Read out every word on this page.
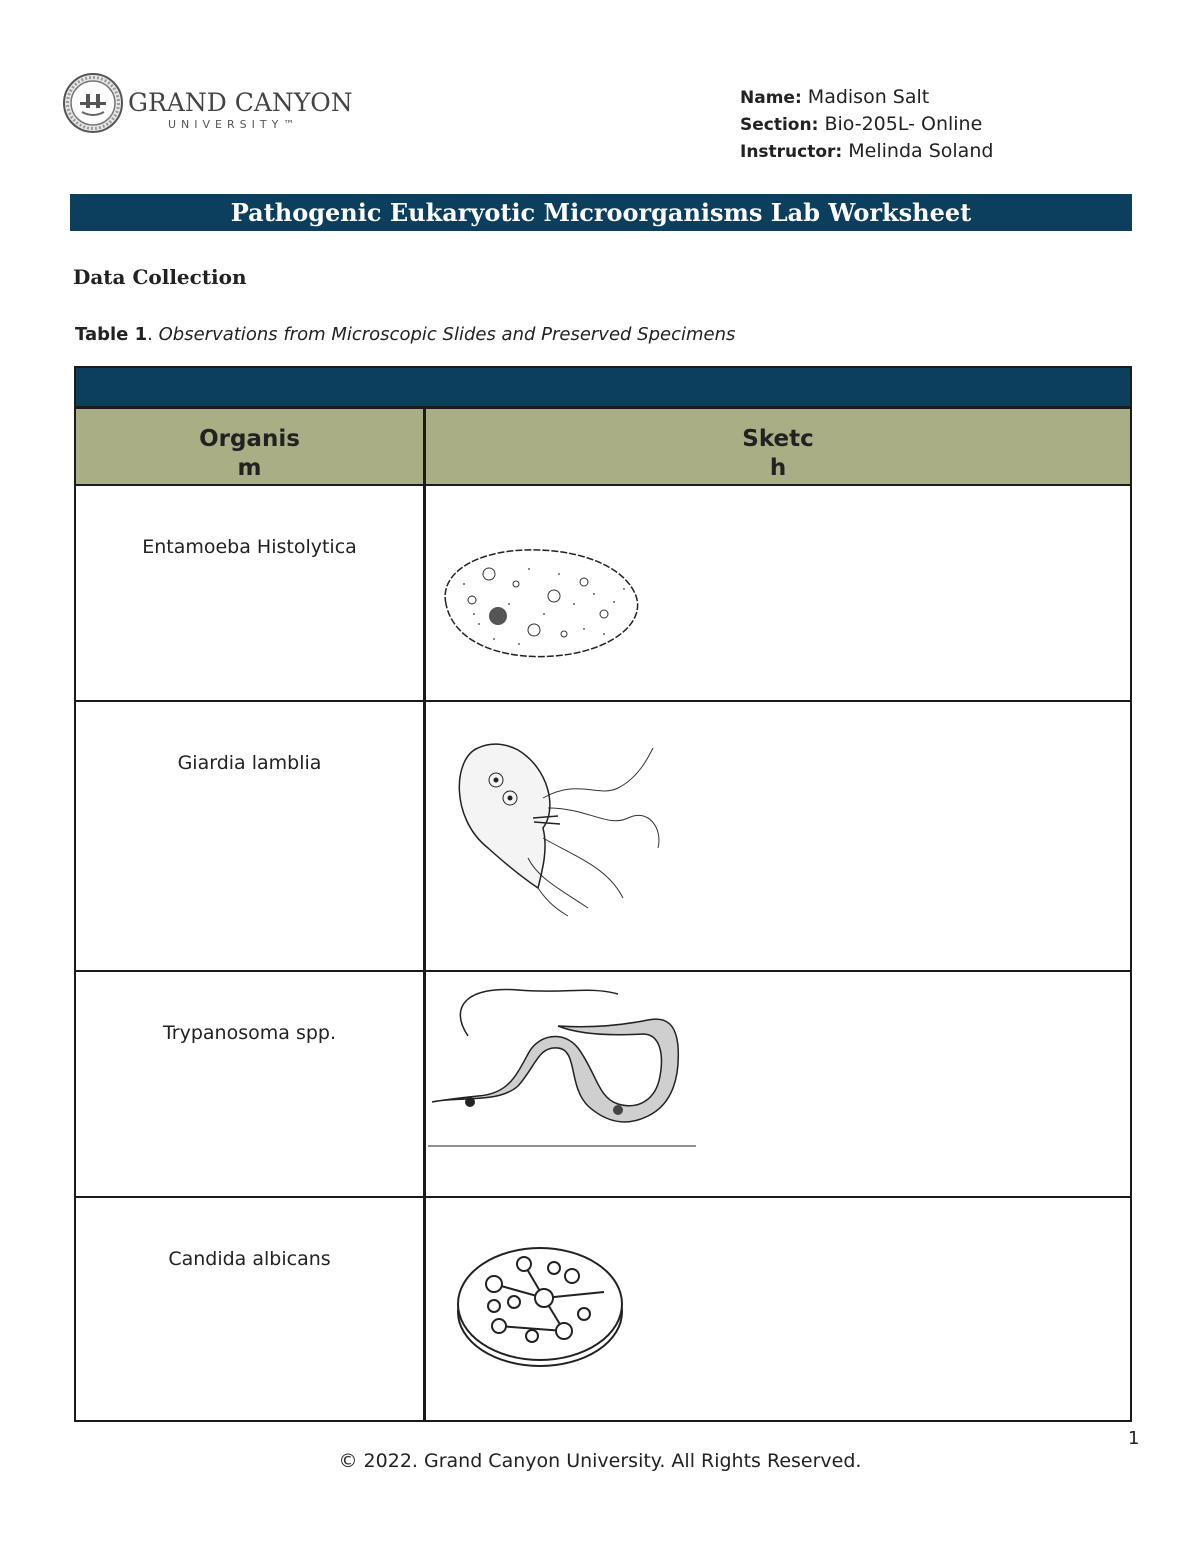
GRAND CANYON
UNIVERSITY™
Name: Madison Salt
Section: Bio-205L- Online
Instructor: Melinda Soland
Pathogenic Eukaryotic Microorganisms Lab Worksheet
Data Collection
Table 1. Observations from Microscopic Slides and Preserved Specimens
Organis
m
Sketc
h
Entamoeba Histolytica
Giardia lamblia
Trypanosoma spp.
Candida albicans
1
© 2022. Grand Canyon University. All Rights Reserved.
